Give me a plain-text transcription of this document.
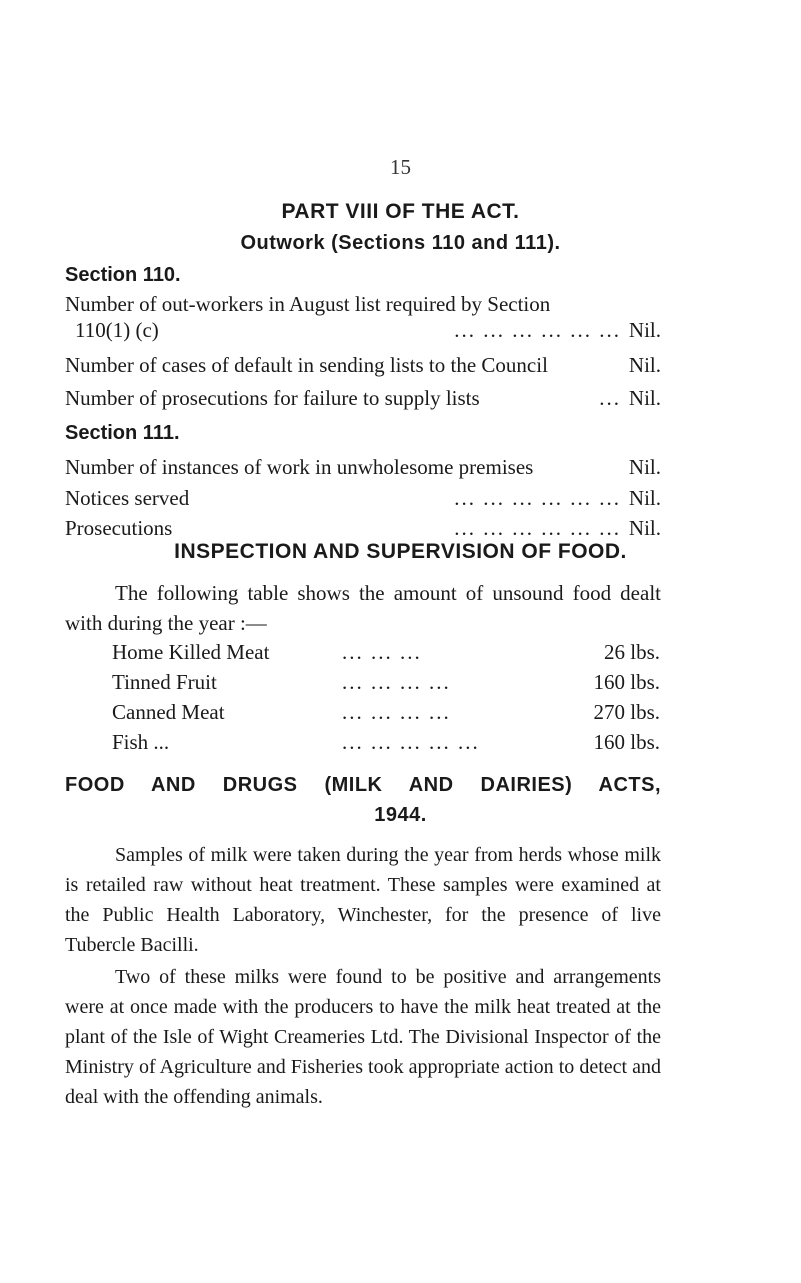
15
PART VIII OF THE ACT.
Outwork (Sections 110 and 111).
Section 110.
Number of out-workers in August list required by Section
110(1) (c)	... ... ... ... ... ... Nil.
Number of cases of default in sending lists to the Council	Nil.
Number of prosecutions for failure to supply lists	... Nil.
Section 111.
Number of instances of work in unwholesome premises	Nil.
Notices served	... ... ... ... ... ... Nil.
Prosecutions	... ... ... ... ... ... Nil.
INSPECTION AND SUPERVISION OF FOOD.
The following table shows the amount of unsound food dealt with during the year :—
Home Killed Meat	... ... ...	26 lbs.
Tinned Fruit	... ... ... ...	160 lbs.
Canned Meat	... ... ... ...	270 lbs.
Fish ...	... ... ... ... ...	160 lbs.
FOOD AND DRUGS (MILK AND DAIRIES) ACTS,
1944.
Samples of milk were taken during the year from herds whose milk is retailed raw without heat treatment. These samples were examined at the Public Health Laboratory, Winchester, for the presence of live Tubercle Bacilli.
Two of these milks were found to be positive and arrangements were at once made with the producers to have the milk heat treated at the plant of the Isle of Wight Creameries Ltd. The Divisional Inspector of the Ministry of Agriculture and Fisheries took appropriate action to detect and deal with the offending animals.
